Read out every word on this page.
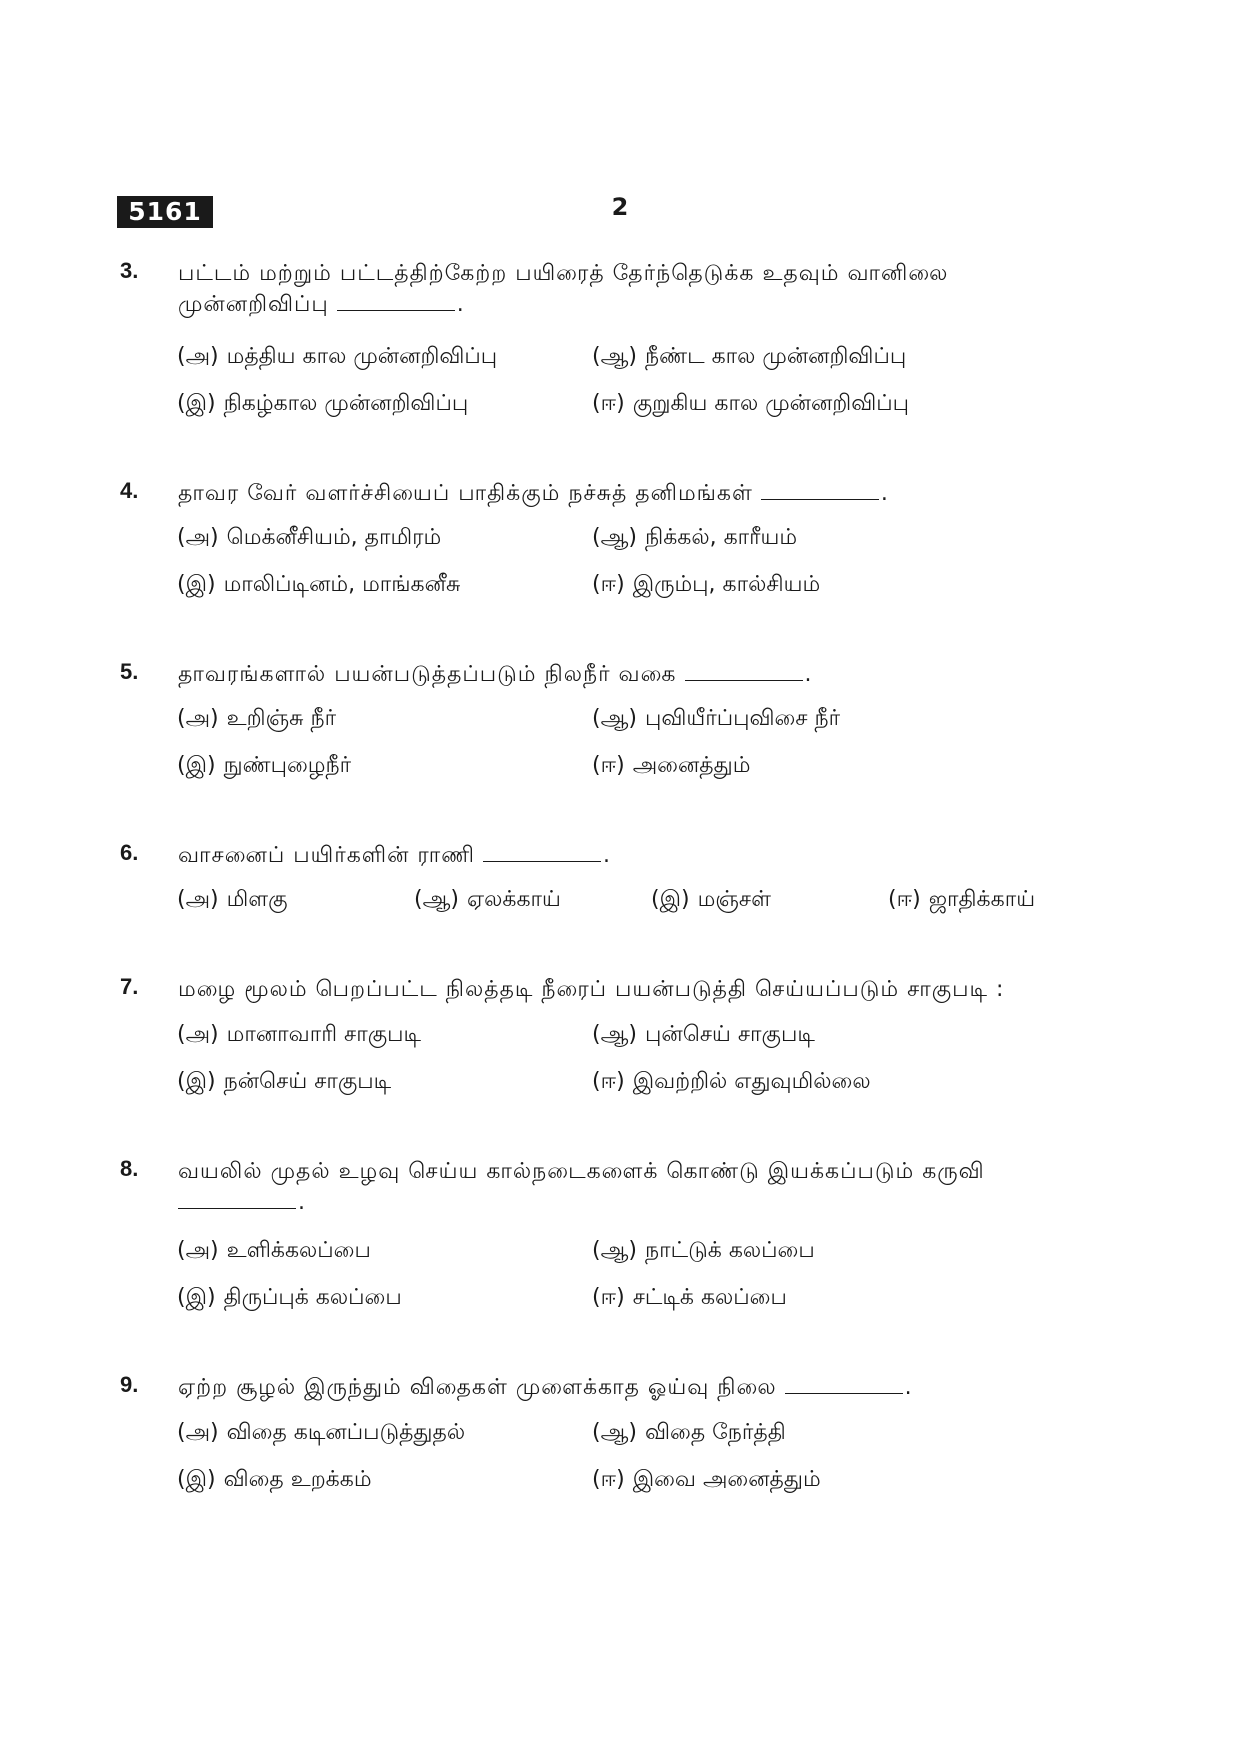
5161	2
3. பட்டம் மற்றும் பட்டத்திற்கேற்ற பயிரைத் தேர்ந்தெடுக்க உதவும் வானிலை
முன்னறிவிப்பு	.
(அ) மத்திய கால முன்னறிவிப்பு	(ஆ) நீண்ட கால முன்னறிவிப்பு
(இ) நிகழ்கால முன்னறிவிப்பு	(ஈ) குறுகிய கால முன்னறிவிப்பு
4. தாவர வேர் வளர்ச்சியைப் பாதிக்கும் நச்சுத் தனிமங்கள்	.
(அ) மெக்னீசியம், தாமிரம்	(ஆ) நிக்கல், காரீயம்
(இ) மாலிப்டினம், மாங்கனீசு	(ஈ) இரும்பு, கால்சியம்
5. தாவரங்களால் பயன்படுத்தப்படும் நிலநீர் வகை	.
(அ) உறிஞ்சு நீர்	(ஆ) புவியீர்ப்புவிசை நீர்
(இ) நுண்புழைநீர்	(ஈ) அனைத்தும்
6. வாசனைப் பயிர்களின் ராணி	.
(அ) மிளகு	(ஆ) ஏலக்காய்	(இ) மஞ்சள்	(ஈ) ஜாதிக்காய்
7. மழை மூலம் பெறப்பட்ட நிலத்தடி நீரைப் பயன்படுத்தி செய்யப்படும் சாகுபடி :
(அ) மானாவாரி சாகுபடி	(ஆ) புன்செய் சாகுபடி
(இ) நன்செய் சாகுபடி	(ஈ) இவற்றில் எதுவுமில்லை
8. வயலில் முதல் உழவு செய்ய கால்நடைகளைக் கொண்டு இயக்கப்படும் கருவி
.
(அ) உளிக்கலப்பை	(ஆ) நாட்டுக் கலப்பை
(இ) திருப்புக் கலப்பை	(ஈ) சட்டிக் கலப்பை
9. ஏற்ற சூழல் இருந்தும் விதைகள் முளைக்காத ஓய்வு நிலை	.
(அ) விதை கடினப்படுத்துதல்	(ஆ) விதை நேர்த்தி
(இ) விதை உறக்கம்	(ஈ) இவை அனைத்தும்
